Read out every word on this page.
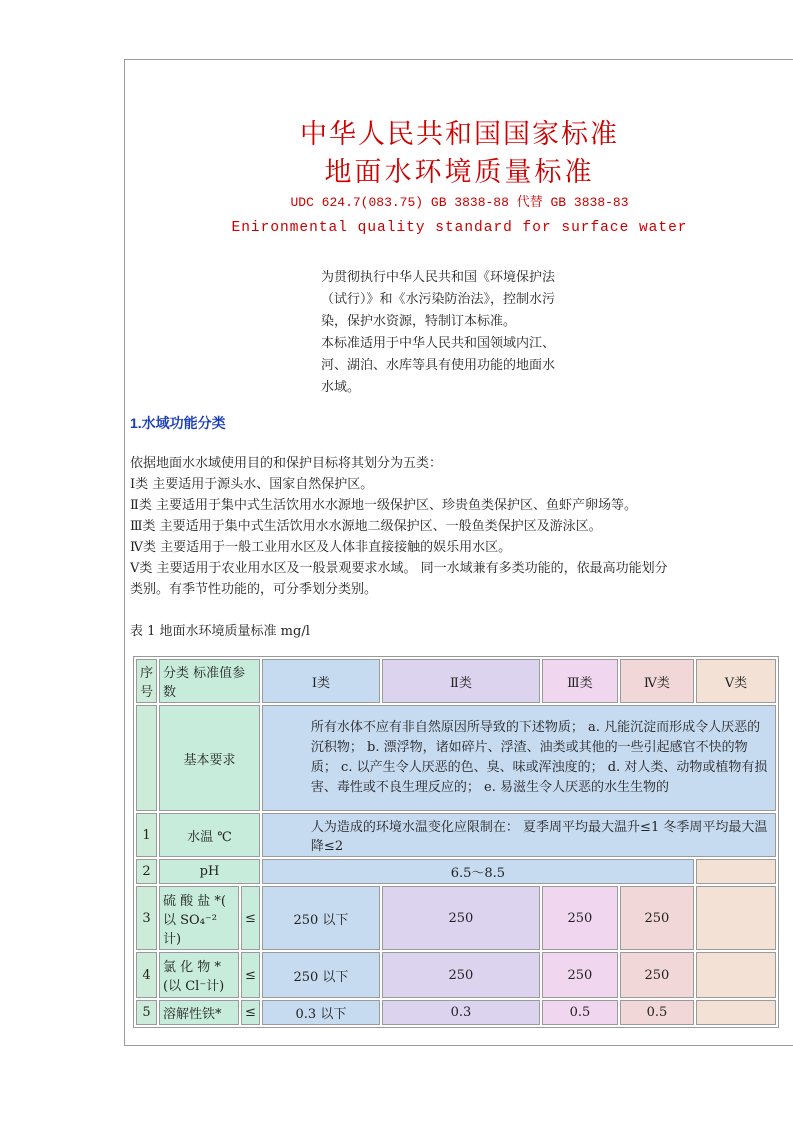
中华人民共和国国家标准
地面水环境质量标准
UDC 624.7(083.75) GB 3838-88 代替 GB 3838-83
Enironmental quality standard for surface water

为贯彻执行中华人民共和国《环境保护法

（试行）》和《水污染防治法》，控制水污

染，保护水资源，特制订本标准。

本标准适用于中华人民共和国领域内江、

河、湖泊、水库等具有使用功能的地面水

水域。

1.水域功能分类

依据地面水水域使用目的和保护目标将其划分为五类：

Ⅰ类 主要适用于源头水、国家自然保护区。

Ⅱ类 主要适用于集中式生活饮用水水源地一级保护区、珍贵鱼类保护区、鱼虾产卵场等。

Ⅲ类 主要适用于集中式生活饮用水水源地二级保护区、一般鱼类保护区及游泳区。

Ⅳ类 主要适用于一般工业用水区及人体非直接接触的娱乐用水区。

Ⅴ类 主要适用于农业用水区及一般景观要求水域。 同一水域兼有多类功能的，依最高功能划分

类别。有季节性功能的，可分季划分类别。

表 1 地面水环境质量标准 mg/l
序号	分类 标准值参数		Ⅰ类	Ⅱ类	Ⅲ类	Ⅳ类	Ⅴ类
	基本要求		所有水体不应有非自然原因所导致的下述物质； a. 凡能沉淀而形成令人厌恶的沉积物； b. 漂浮物，诸如碎片、浮渣、油类或其他的一些引起感官不快的物质； c. 以产生令人厌恶的色、臭、味或浑浊度的； d. 对人类、动物或植物有损害、毒性或不良生理反应的； e. 易滋生令人厌恶的水生生物的				
1	水温 ℃		人为造成的环境水温变化应限制在： 夏季周平均最大温升≤1 冬季周平均最大温降≤2				
2	pH		6.5～8.5				
3	硫 酸 盐 *( 以 SO₄⁻² 计)	≤	250 以下	250	250	250	
4	氯 化 物 *(以 Cl⁻计)	≤	250 以下	250	250	250	
5	溶解性铁*	≤	0.3 以下	0.3	0.5	0.5	
